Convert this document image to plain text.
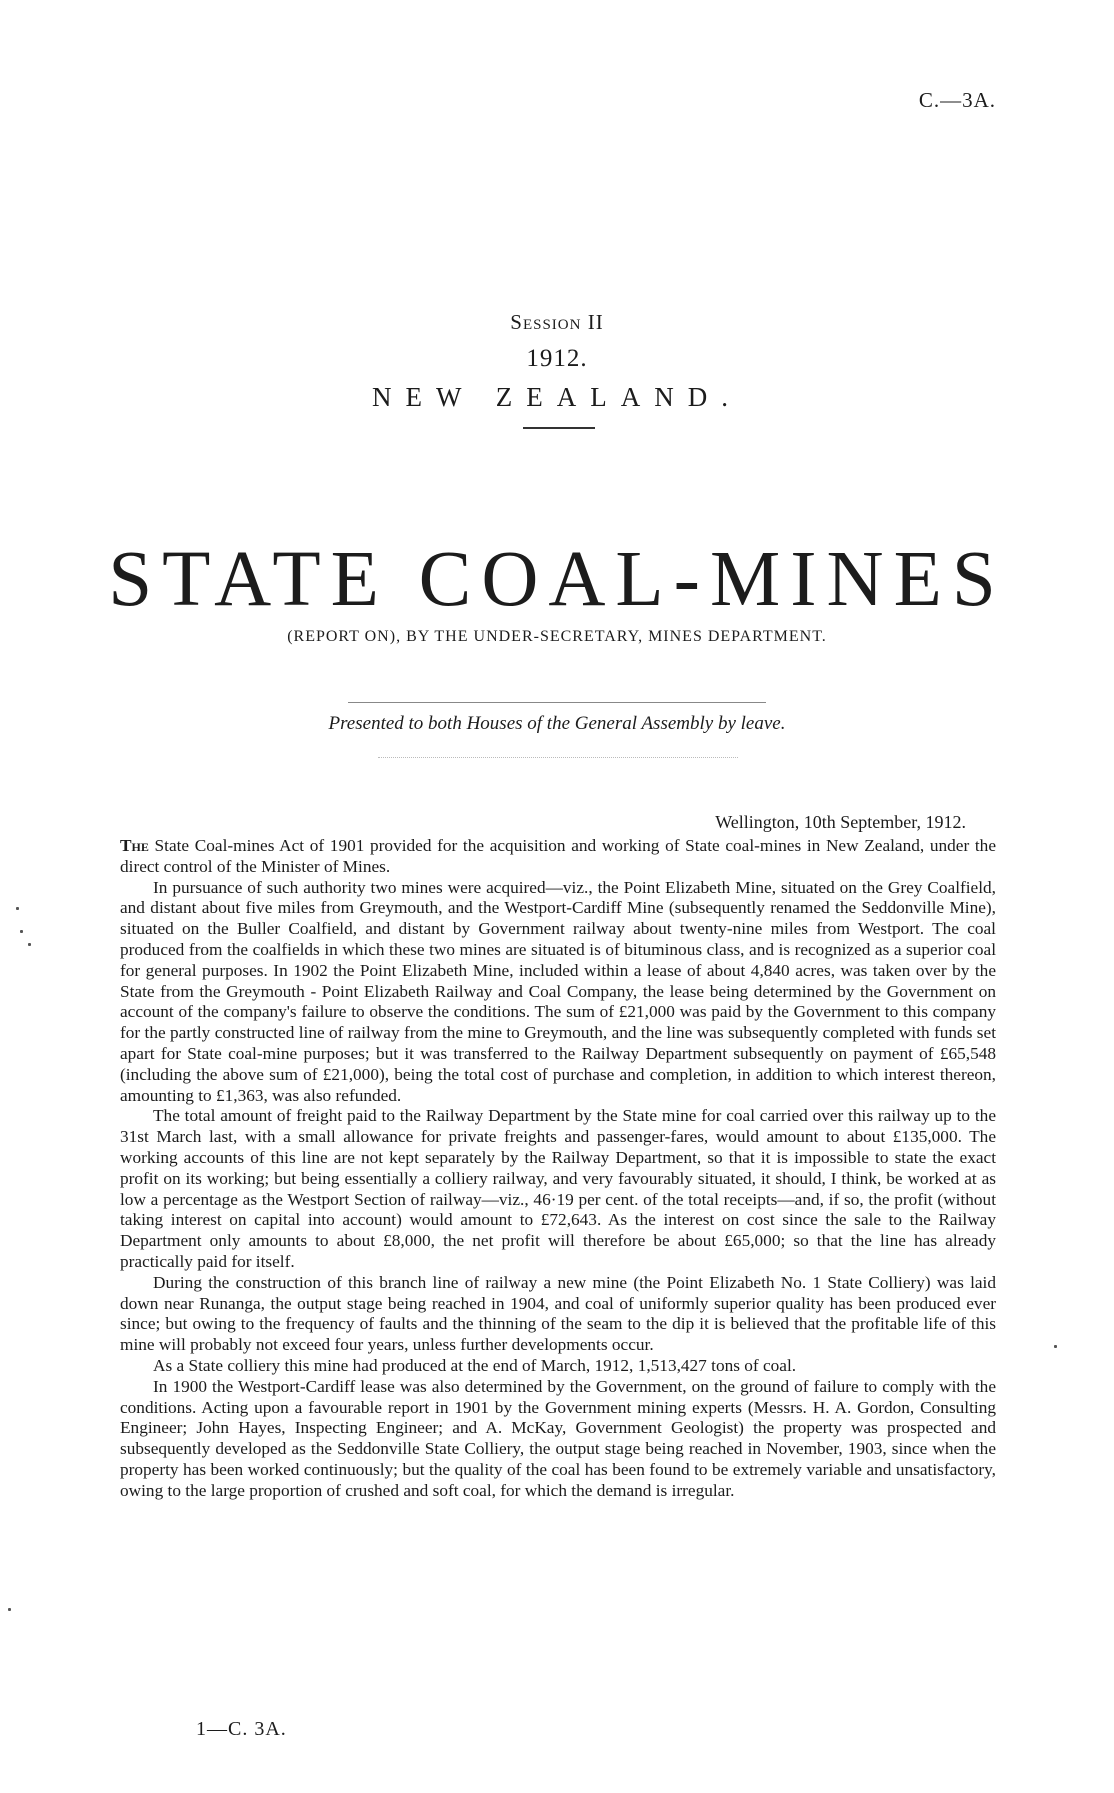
C.—3A.
Session II
1912.
NEW ZEALAND.
STATE COAL-MINES
(REPORT ON), BY THE UNDER-SECRETARY, MINES DEPARTMENT.
Presented to both Houses of the General Assembly by leave.
Wellington, 10th September, 1912.

The State Coal-mines Act of 1901 provided for the acquisition and working of State coal-mines in New Zealand, under the direct control of the Minister of Mines.

In pursuance of such authority two mines were acquired—viz., the Point Elizabeth Mine, situated on the Grey Coalfield, and distant about five miles from Greymouth, and the Westport-Cardiff Mine (subsequently renamed the Seddonville Mine), situated on the Buller Coalfield, and distant by Government railway about twenty-nine miles from Westport. The coal produced from the coalfields in which these two mines are situated is of bituminous class, and is recognized as a superior coal for general purposes. In 1902 the Point Elizabeth Mine, included within a lease of about 4,840 acres, was taken over by the State from the Greymouth - Point Elizabeth Railway and Coal Company, the lease being determined by the Government on account of the company's failure to observe the conditions. The sum of £21,000 was paid by the Government to this company for the partly constructed line of railway from the mine to Greymouth, and the line was subsequently completed with funds set apart for State coal-mine purposes; but it was transferred to the Railway Department subsequently on payment of £65,548 (including the above sum of £21,000), being the total cost of purchase and completion, in addition to which interest thereon, amounting to £1,363, was also refunded.

The total amount of freight paid to the Railway Department by the State mine for coal carried over this railway up to the 31st March last, with a small allowance for private freights and passenger-fares, would amount to about £135,000. The working accounts of this line are not kept separately by the Railway Department, so that it is impossible to state the exact profit on its working; but being essentially a colliery railway, and very favourably situated, it should, I think, be worked at as low a percentage as the Westport Section of railway—viz., 46·19 per cent. of the total receipts—and, if so, the profit (without taking interest on capital into account) would amount to £72,643. As the interest on cost since the sale to the Railway Department only amounts to about £8,000, the net profit will therefore be about £65,000; so that the line has already practically paid for itself.

During the construction of this branch line of railway a new mine (the Point Elizabeth No. 1 State Colliery) was laid down near Runanga, the output stage being reached in 1904, and coal of uniformly superior quality has been produced ever since; but owing to the frequency of faults and the thinning of the seam to the dip it is believed that the profitable life of this mine will probably not exceed four years, unless further developments occur.

As a State colliery this mine had produced at the end of March, 1912, 1,513,427 tons of coal.

In 1900 the Westport-Cardiff lease was also determined by the Government, on the ground of failure to comply with the conditions. Acting upon a favourable report in 1901 by the Government mining experts (Messrs. H. A. Gordon, Consulting Engineer; John Hayes, Inspecting Engineer; and A. McKay, Government Geologist) the property was prospected and subsequently developed as the Seddonville State Colliery, the output stage being reached in November, 1903, since when the property has been worked continuously; but the quality of the coal has been found to be extremely variable and unsatisfactory, owing to the large proportion of crushed and soft coal, for which the demand is irregular.

1—C. 3A.
